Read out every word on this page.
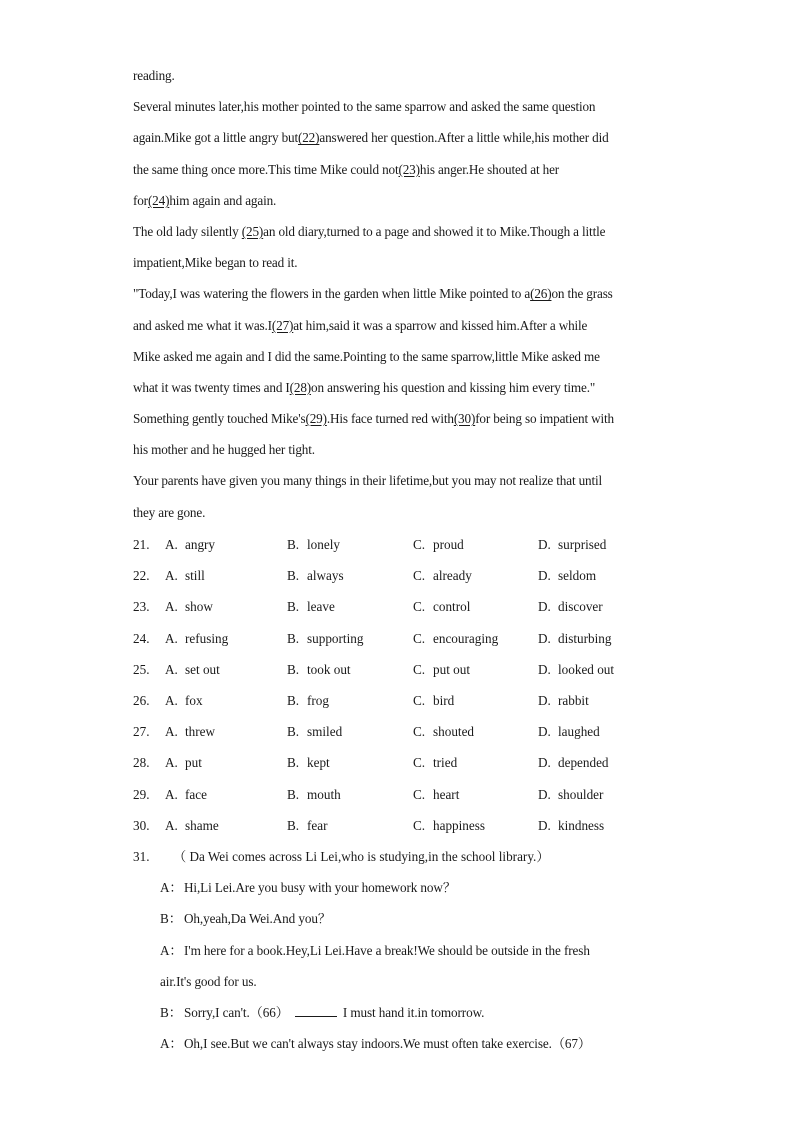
reading.
Several minutes later,his mother pointed to the same sparrow and asked the same question
again.Mike got a little angry but(22)answered her question.After a little while,his mother did
the same thing once more.This time Mike could not(23)his anger.He shouted at her
for(24)him again and again.
The old lady silently (25)an old diary,turned to a page and showed it to Mike.Though a little
impatient,Mike began to read it.
"Today,I was watering the flowers in the garden when little Mike pointed to a(26)on the grass
and asked me what it was.I(27)at him,said it was a sparrow and kissed him.After a while
Mike asked me again and I did the same.Pointing to the same sparrow,little Mike asked me
what it was twenty times and I(28)on answering his question and kissing him every time."
Something gently touched Mike's(29).His face turned red with(30)for being so impatient with
his mother and he hugged her tight.
Your parents have given you many things in their lifetime,but you may not realize that until
they are gone.
21. A. angry	B. lonely	C. proud	D. surprised
22. A. still	B. always	C. already	D. seldom
23. A. show	B. leave	C. control	D. discover
24. A. refusing	B. supporting	C. encouraging	D. disturbing
25. A. set out	B. took out	C. put out	D. looked out
26. A. fox	B. frog	C. bird	D. rabbit
27. A. threw	B. smiled	C. shouted	D. laughed
28. A. put	B. kept	C. tried	D. depended
29. A. face	B. mouth	C. heart	D. shoulder
30. A. shame	B. fear	C. happiness	D. kindness
31. （ Da Wei comes across Li Lei,who is studying,in the school library.）
A：Hi,Li Lei.Are you busy with your homework now？
B： Oh,yeah,Da Wei.And you？
A：I'm here for a book.Hey,Li Lei.Have a break!We should be outside in the fresh
air.It's good for us.
B： Sorry,I can't.（66）	I must hand it.in tomorrow.
A：Oh,I see.But we can't always stay indoors.We must often take exercise.（67）
